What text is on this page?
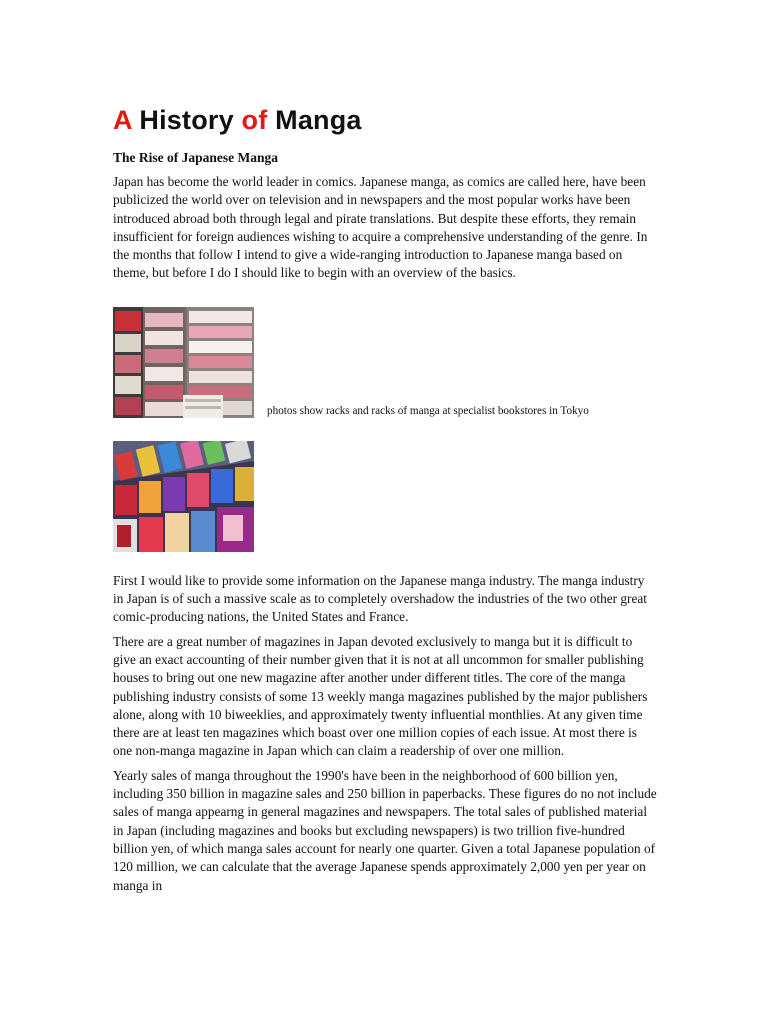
A History of Manga
The Rise of Japanese Manga

Japan has become the world leader in comics. Japanese manga, as comics are called here, have been publicized the world over on television and in newspapers and the most popular works have been introduced abroad both through legal and pirate translations. But despite these efforts, they remain insufficient for foreign audiences wishing to acquire a comprehensive understanding of the genre. In the months that follow I intend to give a wide-ranging introduction to Japanese manga based on theme, but before I do I should like to begin with an overview of the basics.

photos show racks and racks of manga at specialist bookstores in Tokyo

First I would like to provide some information on the Japanese manga industry. The manga industry in Japan is of such a massive scale as to completely overshadow the industries of the two other great comic-producing nations, the United States and France.

There are a great number of magazines in Japan devoted exclusively to manga but it is difficult to give an exact accounting of their number given that it is not at all uncommon for smaller publishing houses to bring out one new magazine after another under different titles. The core of the manga publishing industry consists of some 13 weekly manga magazines published by the major publishers alone, along with 10 biweeklies, and approximately twenty influential monthlies. At any given time there are at least ten magazines which boast over one million copies of each issue. At most there is one non-manga magazine in Japan which can claim a readership of over one million.

Yearly sales of manga throughout the 1990's have been in the neighborhood of 600 billion yen, including 350 billion in magazine sales and 250 billion in paperbacks. These figures do no not include sales of manga appearng in general magazines and newspapers. The total sales of published material in Japan (including magazines and books but excluding newspapers) is two trillion five-hundred billion yen, of which manga sales account for nearly one quarter. Given a total Japanese population of 120 million, we can calculate that the average Japanese spends approximately 2,000 yen per year on manga in
